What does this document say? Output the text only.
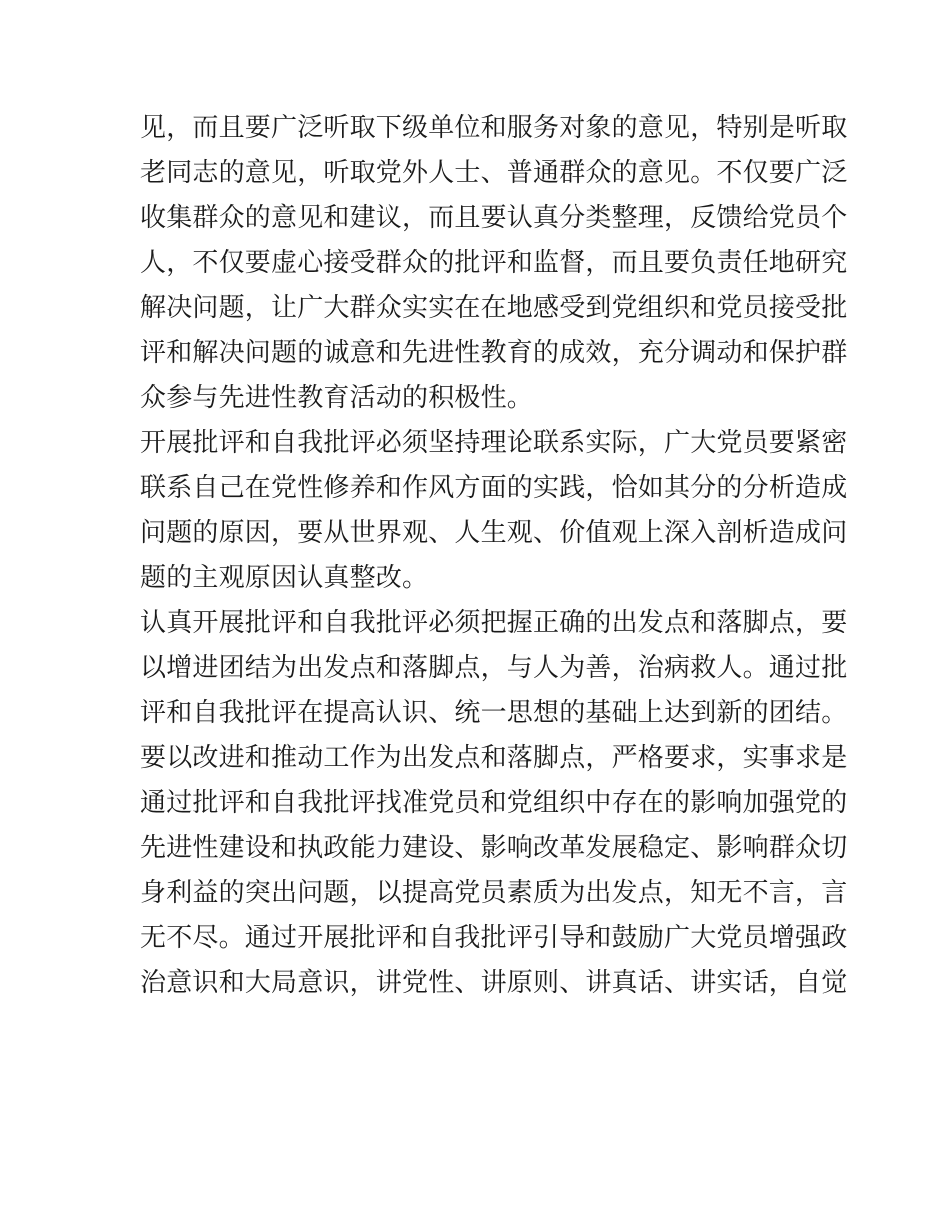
见，而且要广泛听取下级单位和服务对象的意见，特别是听取
老同志的意见，听取党外人士、普通群众的意见。不仅要广泛
收集群众的意见和建议，而且要认真分类整理，反馈给党员个
人，不仅要虚心接受群众的批评和监督，而且要负责任地研究
解决问题，让广大群众实实在在地感受到党组织和党员接受批
评和解决问题的诚意和先进性教育的成效，充分调动和保护群
众参与先进性教育活动的积极性。
开展批评和自我批评必须坚持理论联系实际，广大党员要紧密
联系自己在党性修养和作风方面的实践，恰如其分的分析造成
问题的原因，要从世界观、人生观、价值观上深入剖析造成问
题的主观原因认真整改。
认真开展批评和自我批评必须把握正确的出发点和落脚点，要
以增进团结为出发点和落脚点，与人为善，治病救人。通过批
评和自我批评在提高认识、统一思想的基础上达到新的团结。
要以改进和推动工作为出发点和落脚点，严格要求，实事求是
通过批评和自我批评找准党员和党组织中存在的影响加强党的
先进性建设和执政能力建设、影响改革发展稳定、影响群众切
身利益的突出问题，以提高党员素质为出发点，知无不言，言
无不尽。通过开展批评和自我批评引导和鼓励广大党员增强政
治意识和大局意识，讲党性、讲原则、讲真话、讲实话，自觉
